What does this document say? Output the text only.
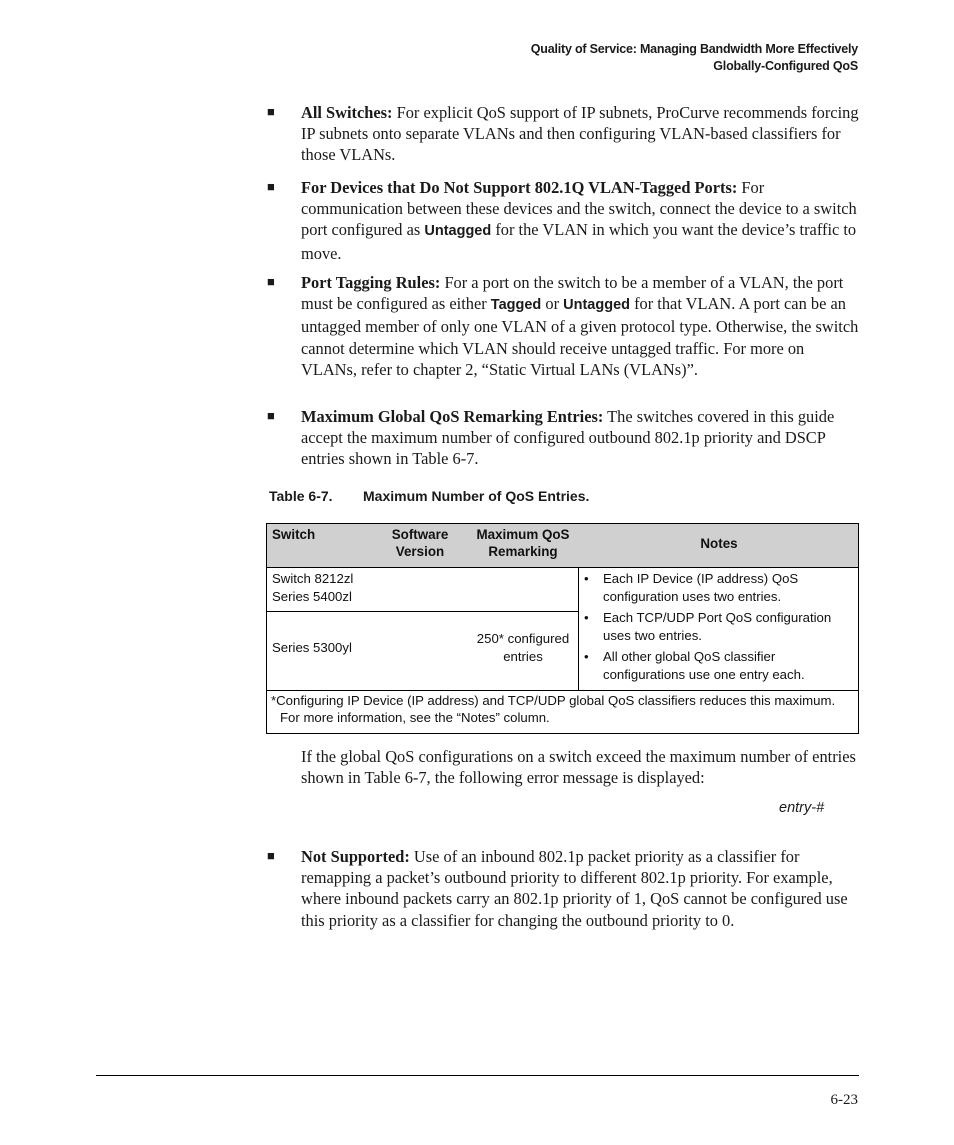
Quality of Service: Managing Bandwidth More Effectively
Globally-Configured QoS
■ All Switches: For explicit QoS support of IP subnets, ProCurve recommends forcing IP subnets onto separate VLANs and then configuring VLAN-based classifiers for those VLANs.
■ For Devices that Do Not Support 802.1Q VLAN-Tagged Ports: For communication between these devices and the switch, connect the device to a switch port configured as Untagged for the VLAN in which you want the device’s traffic to move.
■ Port Tagging Rules: For a port on the switch to be a member of a VLAN, the port must be configured as either Tagged or Untagged for that VLAN. A port can be an untagged member of only one VLAN of a given protocol type. Otherwise, the switch cannot determine which VLAN should receive untagged traffic. For more on VLANs, refer to chapter 2, “Static Virtual LANs (VLANs)”.
■ Maximum Global QoS Remarking Entries: The switches covered in this guide accept the maximum number of configured outbound 802.1p priority and DSCP entries shown in Table 6-7.
Table 6-7. Maximum Number of QoS Entries.
Switch	Software Version
Maximum QoS Remarking
Notes
Switch 8212zl
Series 5400zl
Series 5300yl
250* configured entries
• Each IP Device (IP address) QoS configuration uses two entries.
• Each TCP/UDP Port QoS configuration uses two entries.
• All other global QoS classifier configurations use one entry each.
*Configuring IP Device (IP address) and TCP/UDP global QoS classifiers reduces this maximum. For more information, see the “Notes” column.
If the global QoS configurations on a switch exceed the maximum number of entries shown in Table 6-7, the following error message is displayed:
entry-#
■ Not Supported: Use of an inbound 802.1p packet priority as a classifier for remapping a packet’s outbound priority to different 802.1p priority. For example, where inbound packets carry an 802.1p priority of 1, QoS cannot be configured use this priority as a classifier for changing the outbound priority to 0.
6-23
